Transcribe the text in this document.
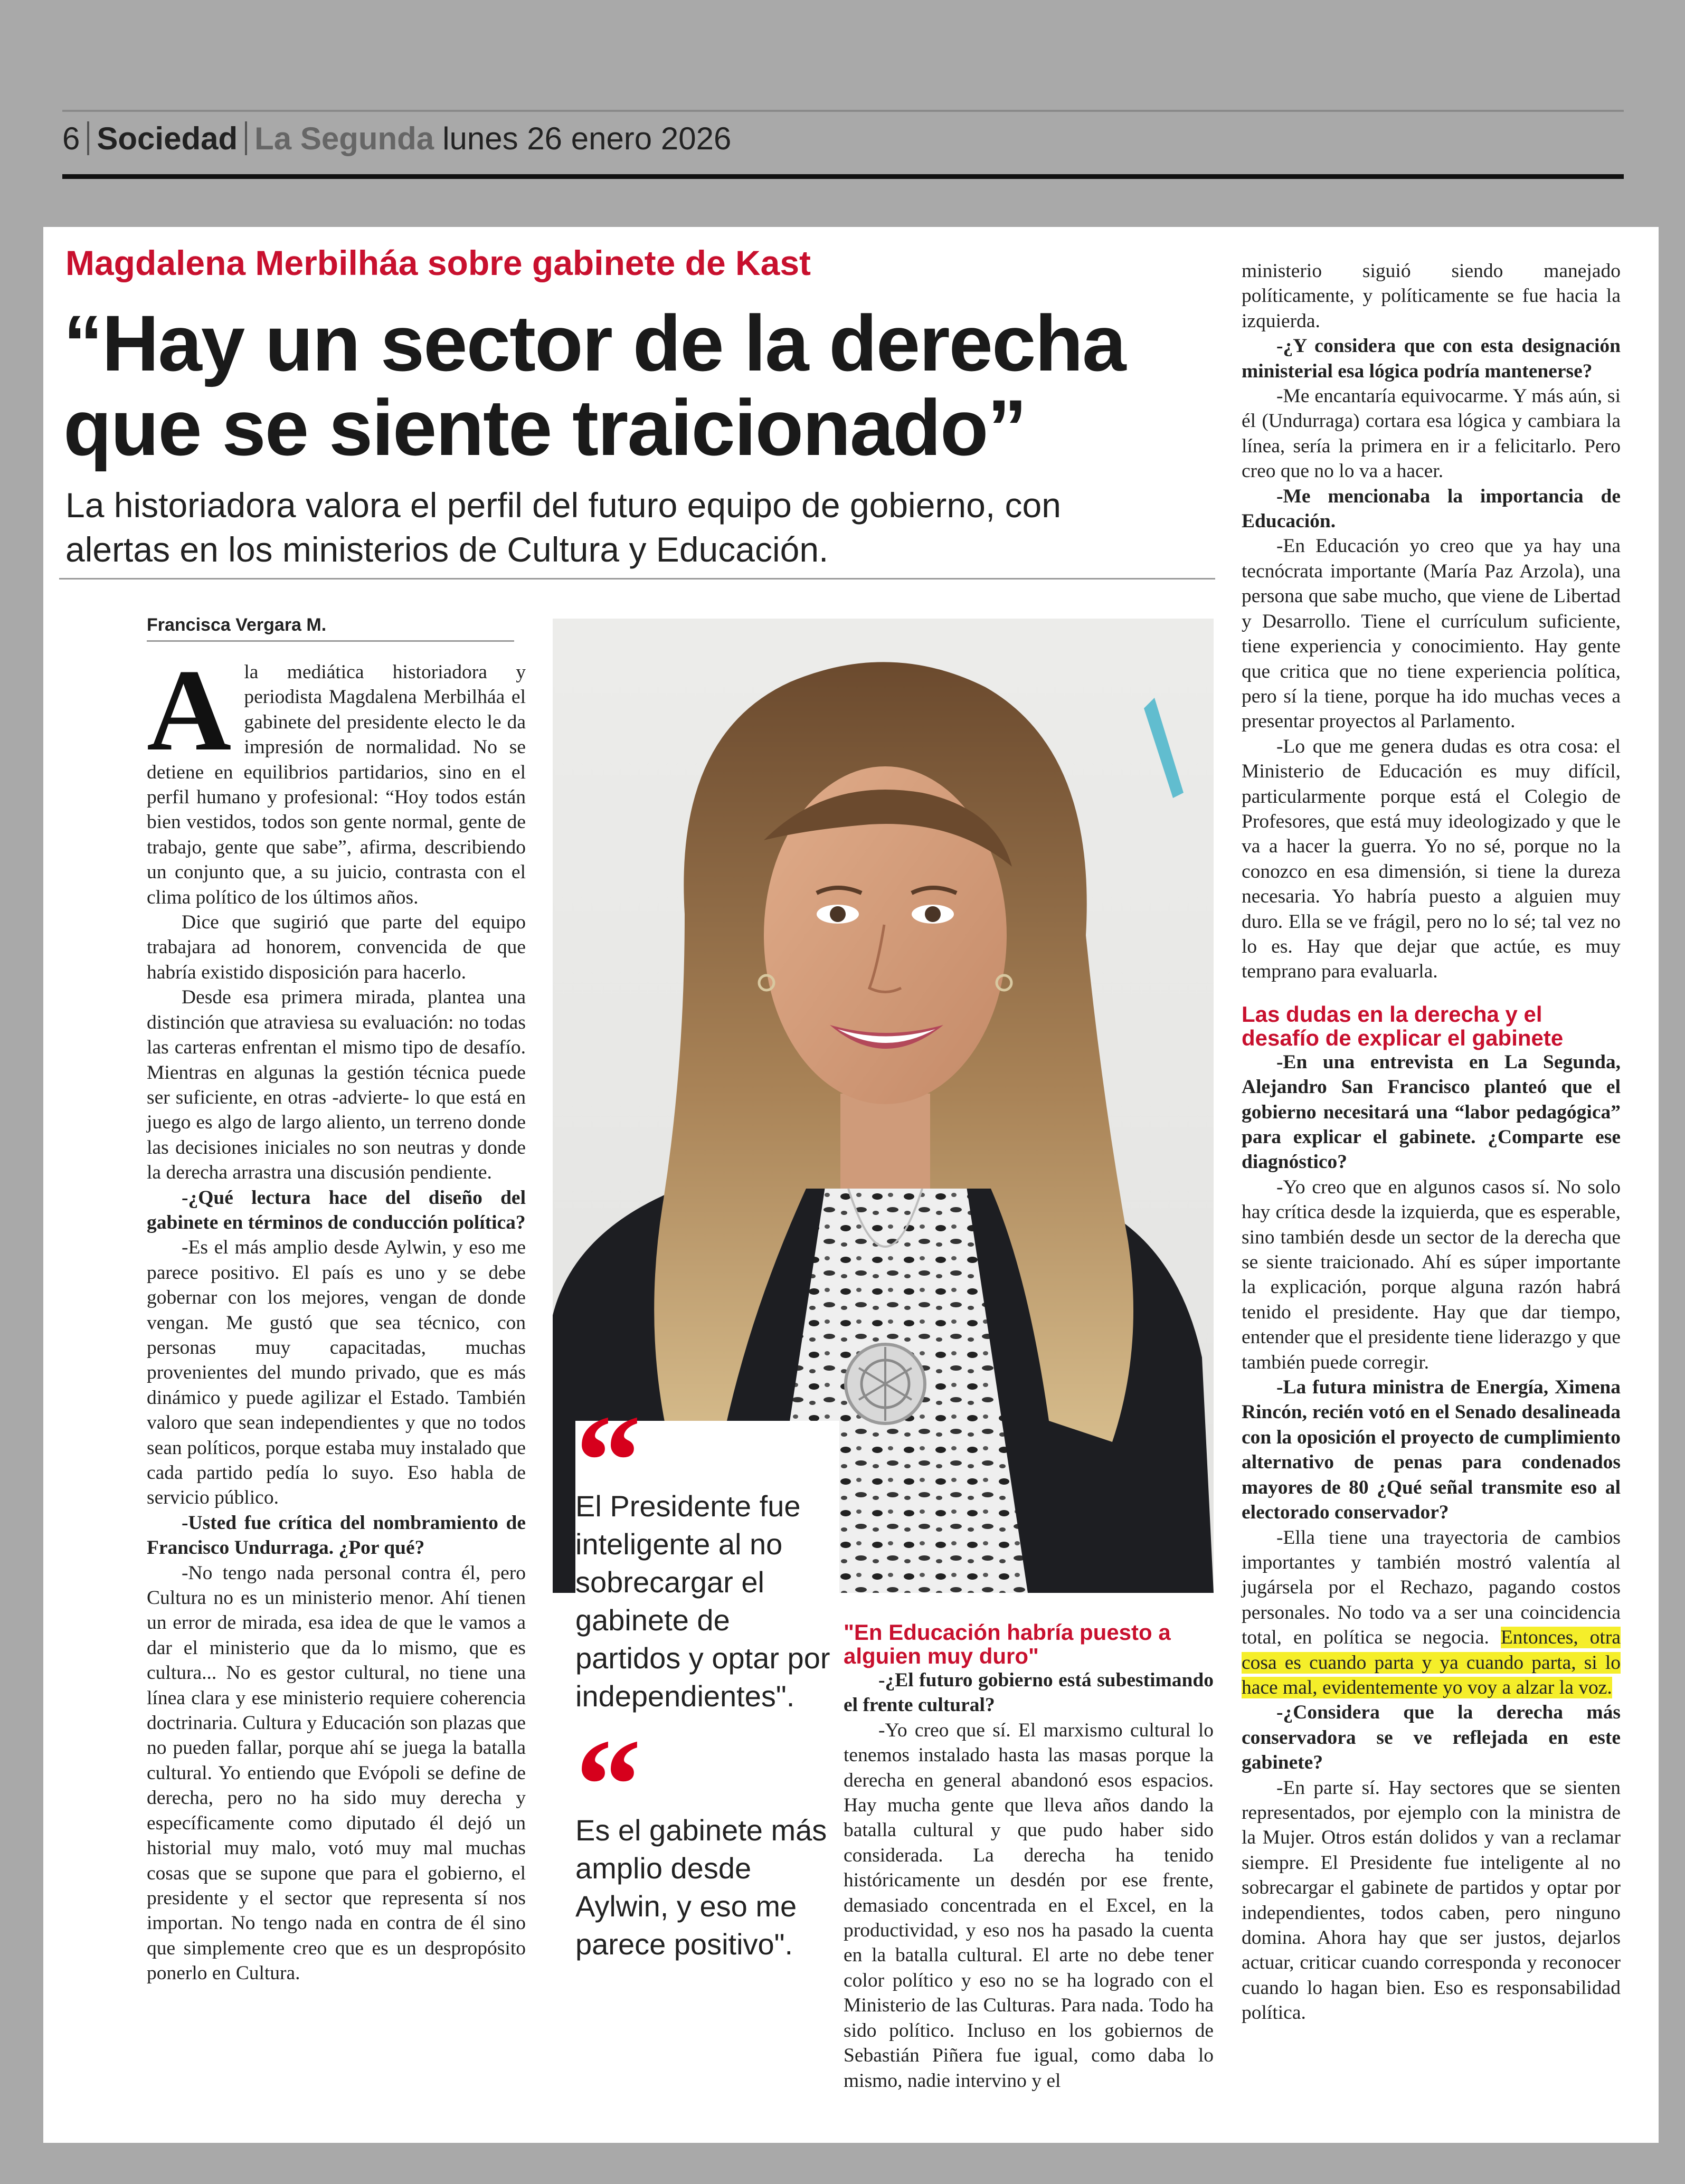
6 Sociedad La Segunda lunes 26 enero 2026
Magdalena Merbilháa sobre gabinete de Kast
“Hay un sector de la derecha que se siente traicionado”
La historiadora valora el perfil del futuro equipo de gobierno, con alertas en los ministerios de Cultura y Educación.
Francisca Vergara M.

Ala mediática historiadora y periodista Magdalena Merbilháa el gabinete del presidente electo le da impresión de normalidad. No se detiene en equilibrios partidarios, sino en el perfil humano y profesional: “Hoy todos están bien vestidos, todos son gente normal, gente de trabajo, gente que sabe”, afirma, describiendo un conjunto que, a su juicio, contrasta con el clima político de los últimos años.

Dice que sugirió que parte del equipo trabajara ad honorem, convencida de que habría existido disposición para hacerlo.

Desde esa primera mirada, plantea una distinción que atraviesa su evaluación: no todas las carteras enfrentan el mismo tipo de desafío. Mientras en algunas la gestión técnica puede ser suficiente, en otras -advierte- lo que está en juego es algo de largo aliento, un terreno donde las decisiones iniciales no son neutras y donde la derecha arrastra una discusión pendiente.

-¿Qué lectura hace del diseño del gabinete en términos de conducción política?

-Es el más amplio desde Aylwin, y eso me parece positivo. El país es uno y se debe gobernar con los mejores, vengan de donde vengan. Me gustó que sea técnico, con personas muy capacitadas, muchas provenientes del mundo privado, que es más dinámico y puede agilizar el Estado. También valoro que sean independientes y que no todos sean políticos, porque estaba muy instalado que cada partido pedía lo suyo. Eso habla de servicio público.

-Usted fue crítica del nombramiento de Francisco Undurraga. ¿Por qué?

-No tengo nada personal contra él, pero Cultura no es un ministerio menor. Ahí tienen un error de mirada, esa idea de que le vamos a dar el ministerio que da lo mismo, que es cultura... No es gestor cultural, no tiene una línea clara y ese ministerio requiere coherencia doctrinaria. Cultura y Educación son plazas que no pueden fallar, porque ahí se juega la batalla cultural. Yo entiendo que Evópoli se define de derecha, pero no ha sido muy derecha y específicamente como diputado él dejó un historial muy malo, votó muy mal muchas cosas que se supone que para el gobierno, el presidente y el sector que representa sí nos importan. No tengo nada en contra de él sino que simplemente creo que es un despropósito ponerlo en Cultura.

“
El Presidente fue inteligente al no sobrecargar el gabinete de partidos y optar por independientes".
“
Es el gabinete más amplio desde Aylwin, y eso me parece positivo".
"En Educación habría puesto a alguien muy duro"

-¿El futuro gobierno está subestimando el frente cultural?

-Yo creo que sí. El marxismo cultural lo tenemos instalado hasta las masas porque la derecha en general abandonó esos espacios. Hay mucha gente que lleva años dando la batalla cultural y que pudo haber sido considerada. La derecha ha tenido históricamente un desdén por ese frente, demasiado concentrada en el Excel, en la productividad, y eso nos ha pasado la cuenta en la batalla cultural. El arte no debe tener color político y eso no se ha logrado con el Ministerio de las Culturas. Para nada. Todo ha sido político. Incluso en los gobiernos de Sebastián Piñera fue igual, como daba lo mismo, nadie intervino y el

ministerio siguió siendo manejado políticamente, y políticamente se fue hacia la izquierda.

-¿Y considera que con esta designación ministerial esa lógica podría mantenerse?

-Me encantaría equivocarme. Y más aún, si él (Undurraga) cortara esa lógica y cambiara la línea, sería la primera en ir a felicitarlo. Pero creo que no lo va a hacer.

-Me mencionaba la importancia de Educación.

-En Educación yo creo que ya hay una tecnócrata importante (María Paz Arzola), una persona que sabe mucho, que viene de Libertad y Desarrollo. Tiene el currículum suficiente, tiene experiencia y conocimiento. Hay gente que critica que no tiene experiencia política, pero sí la tiene, porque ha ido muchas veces a presentar proyectos al Parlamento.

-Lo que me genera dudas es otra cosa: el Ministerio de Educación es muy difícil, particularmente porque está el Colegio de Profesores, que está muy ideologizado y que le va a hacer la guerra. Yo no sé, porque no la conozco en esa dimensión, si tiene la dureza necesaria. Yo habría puesto a alguien muy duro. Ella se ve frágil, pero no lo sé; tal vez no lo es. Hay que dejar que actúe, es muy temprano para evaluarla.

Las dudas en la derecha y el desafío de explicar el gabinete

-En una entrevista en La Segunda, Alejandro San Francisco planteó que el gobierno necesitará una “labor pedagógica” para explicar el gabinete. ¿Comparte ese diagnóstico?

-Yo creo que en algunos casos sí. No solo hay crítica desde la izquierda, que es esperable, sino también desde un sector de la derecha que se siente traicionado. Ahí es súper importante la explicación, porque alguna razón habrá tenido el presidente. Hay que dar tiempo, entender que el presidente tiene liderazgo y que también puede corregir.

-La futura ministra de Energía, Ximena Rincón, recién votó en el Senado desalineada con la oposición el proyecto de cumplimiento alternativo de penas para condenados mayores de 80 ¿Qué señal transmite eso al electorado conservador?

-Ella tiene una trayectoria de cambios importantes y también mostró valentía al jugársela por el Rechazo, pagando costos personales. No todo va a ser una coincidencia total, en política se negocia. Entonces, otra cosa es cuando parta y ya cuando parta, si lo hace mal, evidentemente yo voy a alzar la voz.

-¿Considera que la derecha más conservadora se ve reflejada en este gabinete?

-En parte sí. Hay sectores que se sienten representados, por ejemplo con la ministra de la Mujer. Otros están dolidos y van a reclamar siempre. El Presidente fue inteligente al no sobrecargar el gabinete de partidos y optar por independientes, todos caben, pero ninguno domina. Ahora hay que ser justos, dejarlos actuar, criticar cuando corresponda y reconocer cuando lo hagan bien. Eso es responsabilidad política.
